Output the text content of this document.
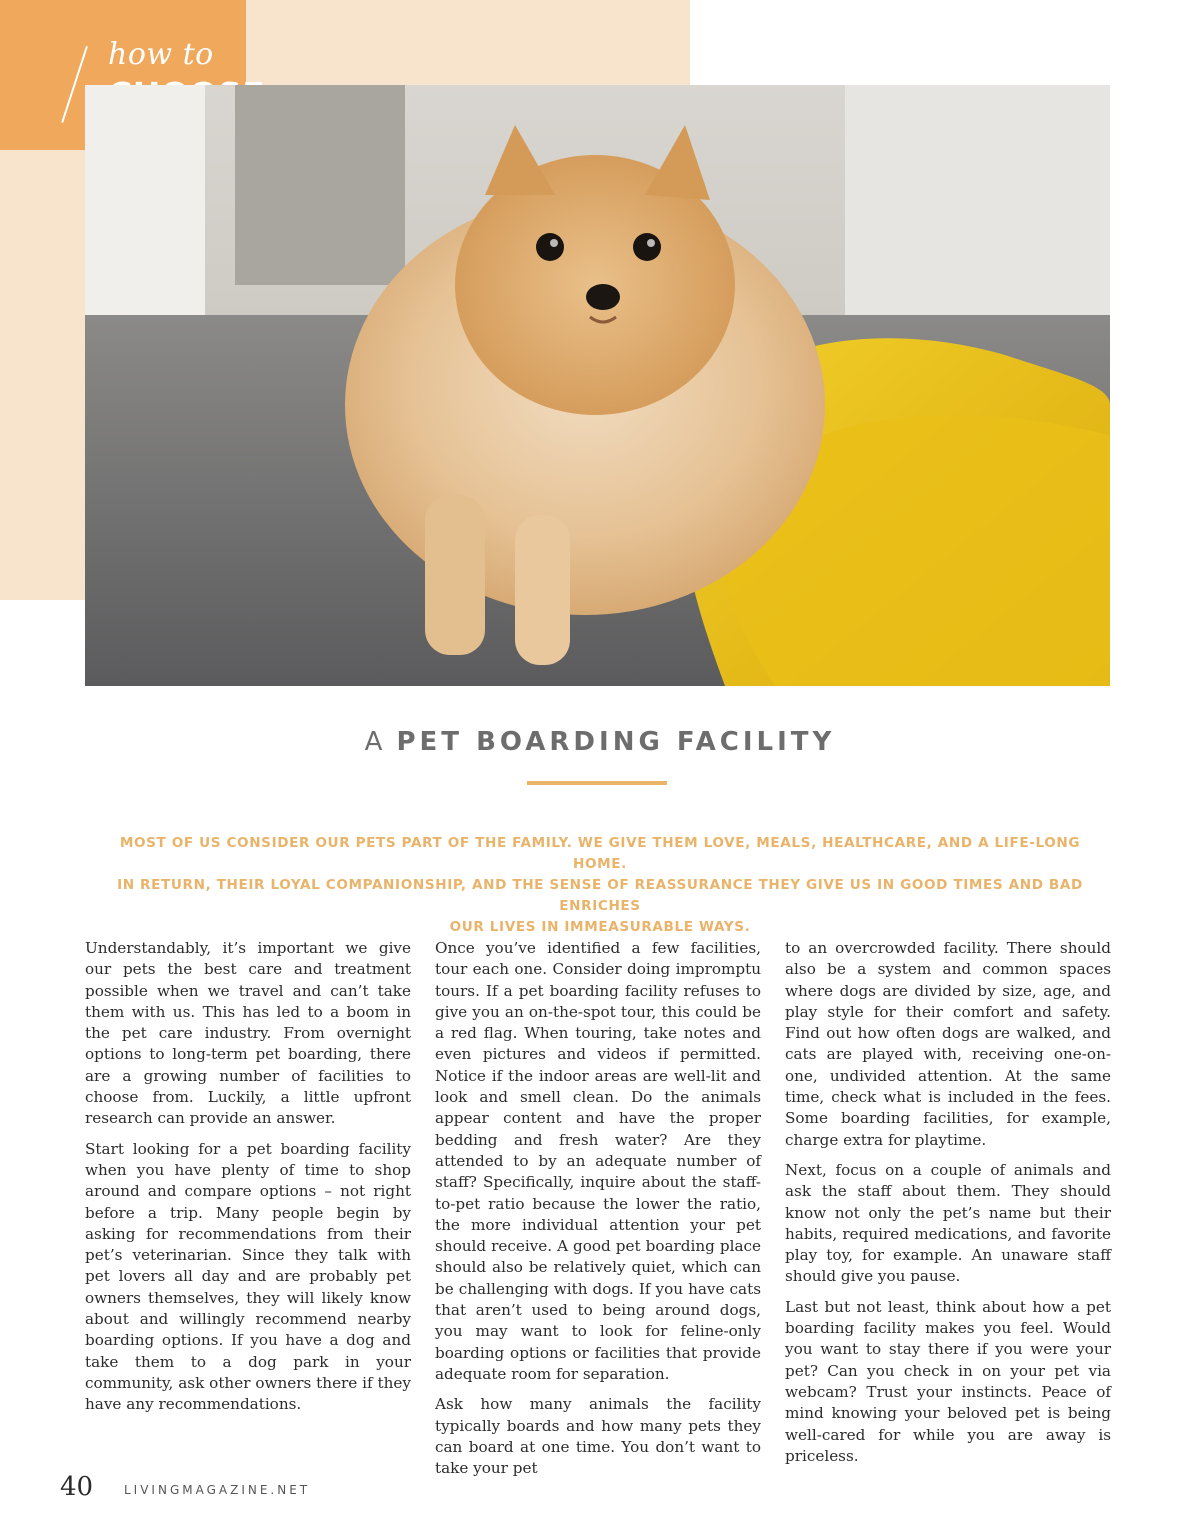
how to
A PET BOARDING FACILITY
MOST OF US CONSIDER OUR PETS PART OF THE FAMILY. WE GIVE THEM LOVE, MEALS, HEALTHCARE, AND A LIFE-LONG HOME.
IN RETURN, THEIR LOYAL COMPANIONSHIP, AND THE SENSE OF REASSURANCE THEY GIVE US IN GOOD TIMES AND BAD ENRICHES
OUR LIVES IN IMMEASURABLE WAYS.

Understandably, it’s important we give our pets the best care and treatment possible when we travel and can’t take them with us. This has led to a boom in the pet care industry. From overnight options to long-term pet boarding, there are a growing number of facilities to choose from. Luckily, a little upfront research can provide an answer.

Start looking for a pet boarding facility when you have plenty of time to shop around and compare options – not right before a trip. Many people begin by asking for recommendations from their pet’s veterinarian. Since they talk with pet lovers all day and are probably pet owners themselves, they will likely know about and willingly recommend nearby boarding options. If you have a dog and take them to a dog park in your community, ask other owners there if they have any recommendations.

Once you’ve identified a few facilities, tour each one. Consider doing impromptu tours. If a pet boarding facility refuses to give you an on-the-spot tour, this could be a red flag. When touring, take notes and even pictures and videos if permitted. Notice if the indoor areas are well-lit and look and smell clean. Do the animals appear content and have the proper bedding and fresh water? Are they attended to by an adequate number of staff? Specifically, inquire about the staff-to-pet ratio because the lower the ratio, the more individual attention your pet should receive. A good pet boarding place should also be relatively quiet, which can be challenging with dogs. If you have cats that aren’t used to being around dogs, you may want to look for feline-only boarding options or facilities that provide adequate room for separation.

Ask how many animals the facility typically boards and how many pets they can board at one time. You don’t want to take your pet

to an overcrowded facility. There should also be a system and common spaces where dogs are divided by size, age, and play style for their comfort and safety. Find out how often dogs are walked, and cats are played with, receiving one-on-one, undivided attention. At the same time, check what is included in the fees. Some boarding facilities, for example, charge extra for playtime.

Next, focus on a couple of animals and ask the staff about them. They should know not only the pet’s name but their habits, required medications, and favorite play toy, for example. An unaware staff should give you pause.

Last but not least, think about how a pet boarding facility makes you feel. Would you want to stay there if you were your pet? Can you check in on your pet via webcam? Trust your instincts. Peace of mind knowing your beloved pet is being well-cared for while you are away is priceless.

40	LIVINGMAGAZINE.NET
